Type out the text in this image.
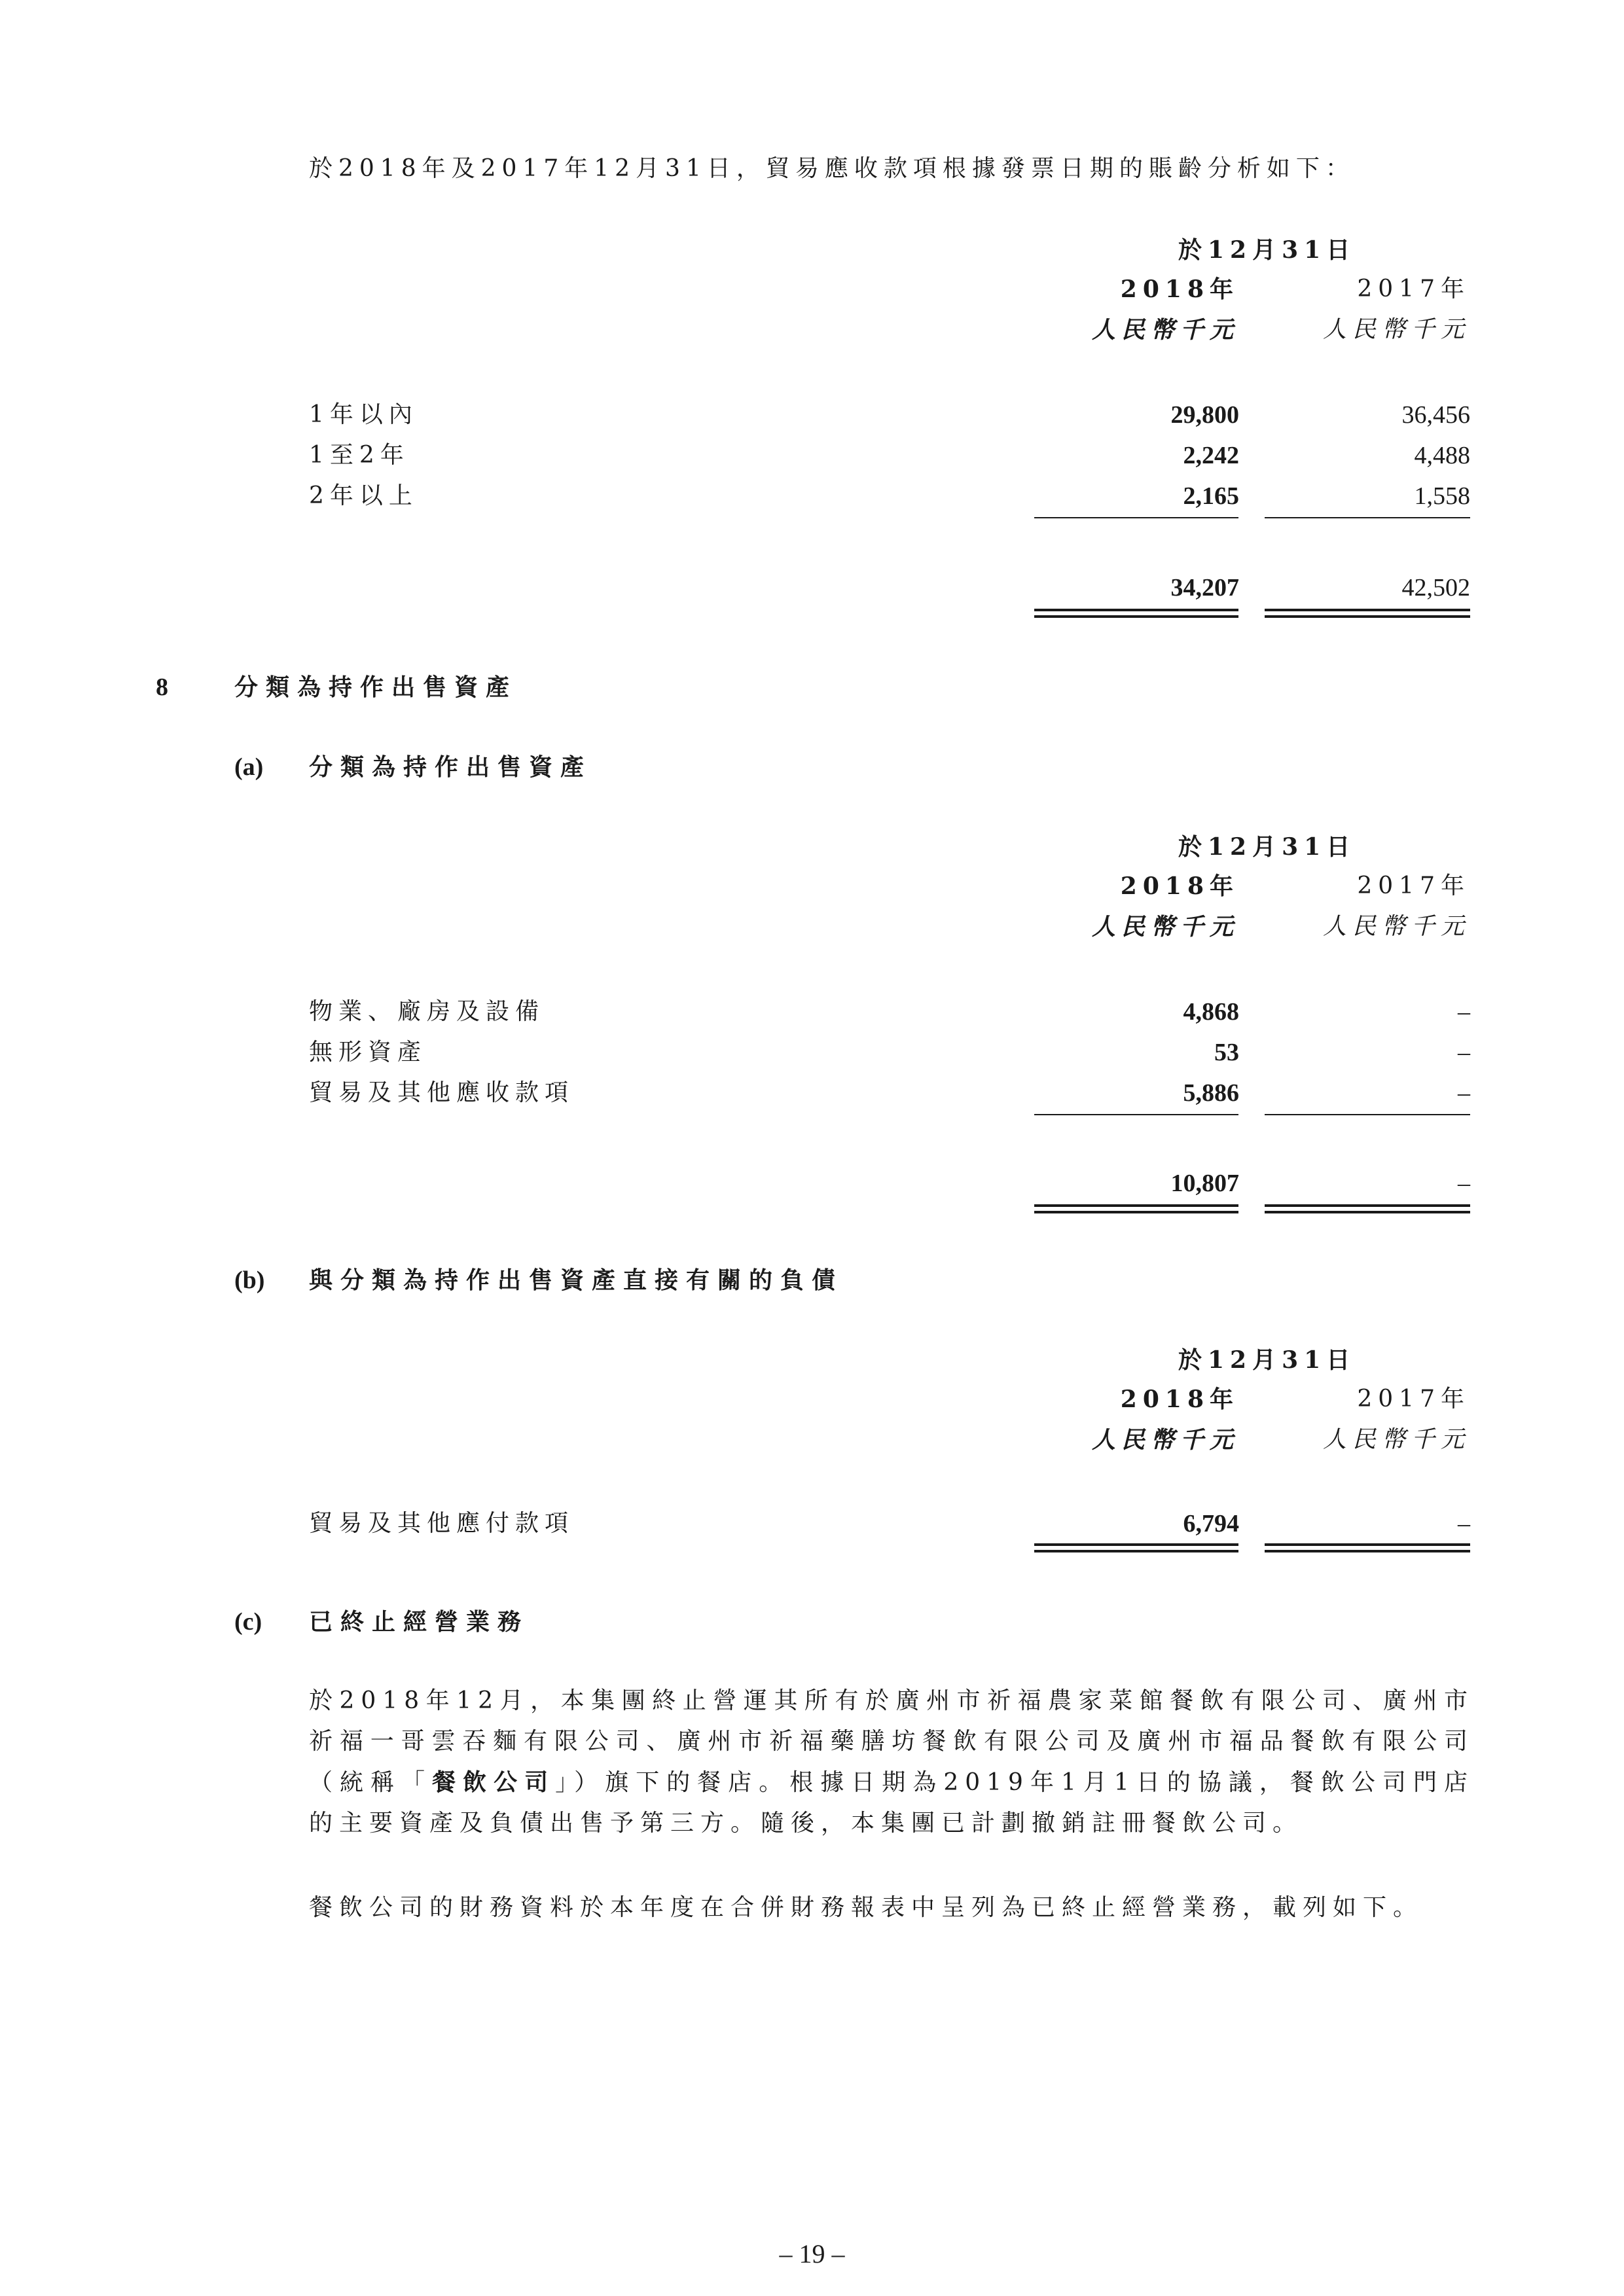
於2018年及2017年12月31日，貿易應收款項根據發票日期的賬齡分析如下：
於12月31日
2018年	2017年
人民幣千元	人民幣千元
1年以內	29,800	36,456
1至2年	2,242	4,488
2年以上	2,165	1,558
34,207	42,502
8	分類為持作出售資產
(a) 分類為持作出售資產
於12月31日
2018年	2017年
人民幣千元	人民幣千元
物業、廠房及設備	4,868	–
無形資產	53	–
貿易及其他應收款項	5,886	–
10,807	–
(b) 與分類為持作出售資產直接有關的負債
於12月31日
2018年	2017年
人民幣千元	人民幣千元
貿易及其他應付款項	6,794	–
(c) 已終止經營業務
於2018年12月，本集團終止營運其所有於廣州市祈福農家菜館餐飲有限公司、廣州市祈福一哥雲吞麵有限公司、廣州市祈福藥膳坊餐飲有限公司及廣州市福品餐飲有限公司（統稱「餐飲公司」）旗下的餐店。根據日期為2019年1月1日的協議，餐飲公司門店的主要資產及負債出售予第三方。隨後，本集團已計劃撤銷註冊餐飲公司。
餐飲公司的財務資料於本年度在合併財務報表中呈列為已終止經營業務，載列如下。
– 19 –
